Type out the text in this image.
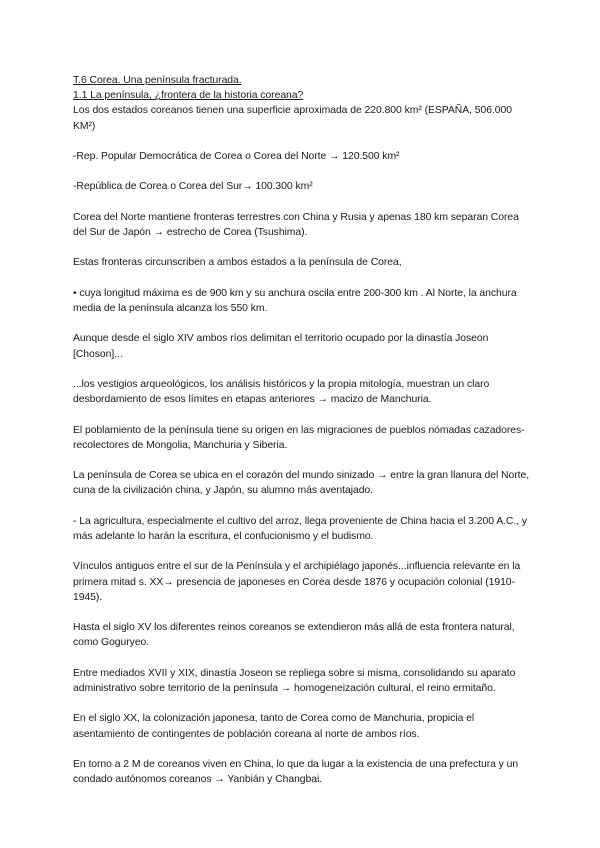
T.6 Corea. Una península fracturada.

1.1 La península, ¿frontera de la historia coreana?

Los dos estados coreanos tienen una superficie aproximada de 220.800 km² (ESPAÑA, 506.000 KM²)

-Rep. Popular Democrática de Corea o Corea del Norte → 120.500 km²

-República de Corea o Corea del Sur→ 100.300 km²

Corea del Norte mantiene fronteras terrestres con China y Rusia y apenas 180 km separan Corea del Sur de Japón → estrecho de Corea (Tsushima).

Estas fronteras circunscriben a ambos estados a la península de Corea,

• cuya longitud máxima es de 900 km y su anchura oscila entre 200-300 km . Al Norte, la anchura media de la península alcanza los 550 km.

Aunque desde el siglo XIV ambos ríos delimitan el territorio ocupado por la dinastía Joseon [Choson]...

...los vestigios arqueológicos, los análisis históricos y la propia mitología, muestran un claro desbordamiento de esos límites en etapas anteriores → macizo de Manchuria.

El poblamiento de la península tiene su origen en las migraciones de pueblos nómadas cazadores-recolectores de Mongolia, Manchuria y Siberia.

La península de Corea se ubica en el corazón del mundo sinizado → entre la gran llanura del Norte, cuna de la civilización china, y Japón, su alumno más aventajado.

- La agricultura, especialmente el cultivo del arroz, llega proveniente de China hacia el 3.200 A.C., y más adelante lo harán la escritura, el confucionismo y el budismo.

Vínculos antiguos entre el sur de la Península y el archipiélago japonés...influencia relevante en la primera mitad s. XX→ presencia de japoneses en Corea desde 1876 y ocupación colonial (1910-1945).

Hasta el siglo XV los diferentes reinos coreanos se extendieron más allá de esta frontera natural, como Goguryeo.

Entre mediados XVII y XIX, dinastía Joseon se repliega sobre si misma, consolidando su aparato administrativo sobre territorio de la península → homogeneización cultural, el reino ermitaño.

En el siglo XX, la colonización japonesa, tanto de Corea como de Manchuria, propicia el asentamiento de contingentes de población coreana al norte de ambos ríos.

En torno a 2 M de coreanos viven en China, lo que da lugar a la existencia de una prefectura y un condado autónomos coreanos → Yanbián y Changbai.
